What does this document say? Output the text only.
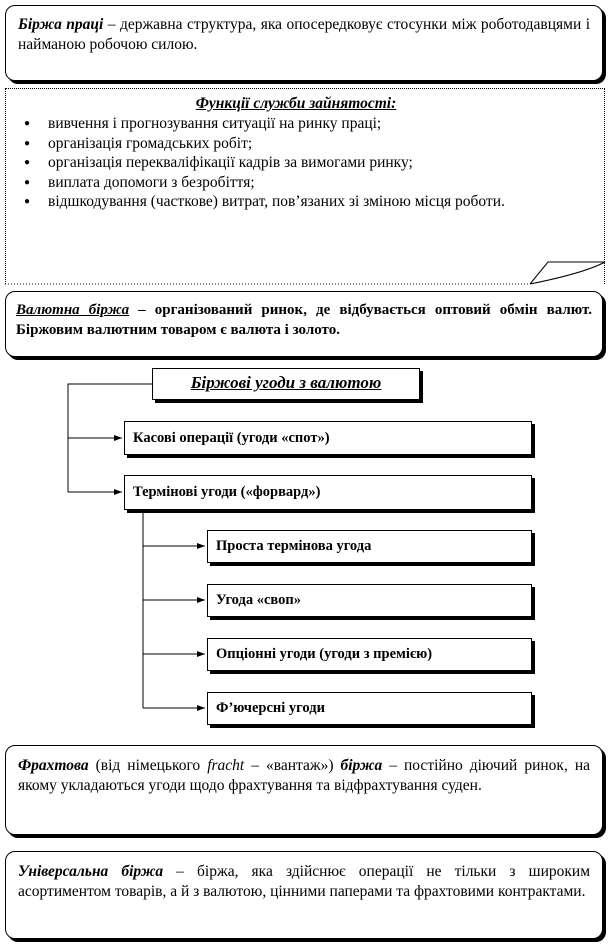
Біржа праці – державна структура, яка опосередковує стосунки між роботодавцями і найманою робочою силою.
Функції служби зайнятості:
● вивчення і прогнозування ситуації на ринку праці;
● організація громадських робіт;
● організація перекваліфікації кадрів за вимогами ринку;
● виплата допомоги з безробіття;
● відшкодування (часткове) витрат, пов’язаних зі зміною місця роботи.
Валютна біржа – організований ринок, де відбувається оптовий обмін валют. Біржовим валютним товаром є валюта і золото.
Біржові угоди з валютою
Касові операції (угоди «спот»)
Термінові угоди («форвард»)
Проста термінова угода
Угода «своп»
Опціонні угоди (угоди з премією)
Ф’ючерсні угоди
Фрахтова (від німецького fracht – «вантаж») біржа – постійно діючий ринок, на якому укладаються угоди щодо фрахтування та відфрахтування суден.
Універсальна біржа – біржа, яка здійснює операції не тільки з широким асортиментом товарів, а й з валютою, цінними паперами та фрахтовими контрактами.
